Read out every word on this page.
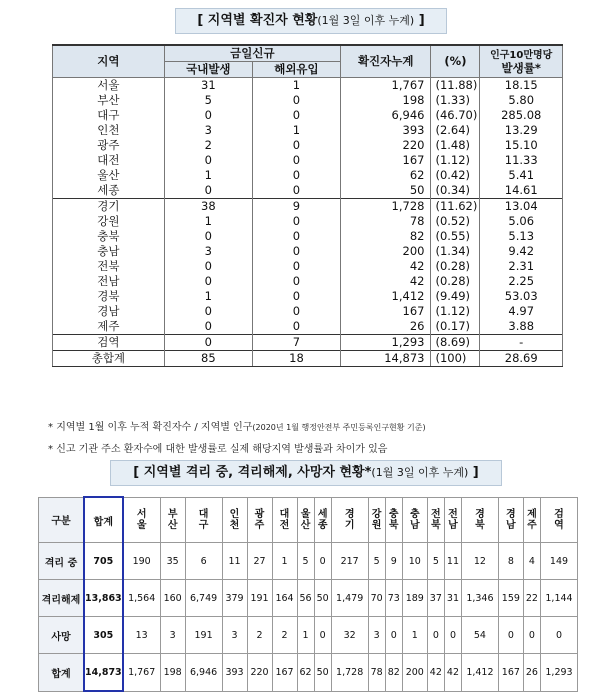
[ 지역별 확진자 현황(1월 3일 이후 누계) ]
지역	금일신규		확진자누계	(%)	인구10만명당
발생률*

	국내발생	해외유입			
서울	31	1	1,767	(11.88)	18.15
부산	5	0	198	(1.33)	5.80
대구	0	0	6,946	(46.70)	285.08
인천	3	1	393	(2.64)	13.29
광주	2	0	220	(1.48)	15.10
대전	0	0	167	(1.12)	11.33
울산	1	0	62	(0.42)	5.41
세종	0	0	50	(0.34)	14.61
경기	38	9	1,728	(11.62)	13.04
강원	1	0	78	(0.52)	5.06
충북	0	0	82	(0.55)	5.13
충남	3	0	200	(1.34)	9.42
전북	0	0	42	(0.28)	2.31
전남	0	0	42	(0.28)	2.25
경북	1	0	1,412	(9.49)	53.03
경남	0	0	167	(1.12)	4.97
제주	0	0	26	(0.17)	3.88
검역	0	7	1,293	(8.69)	-
총합계	85	18	14,873	(100)	28.69
* 지역별 1월 이후 누적 확진자수 / 지역별 인구(2020년 1월 행정안전부 주민등록인구현황 기준)
* 신고 기관 주소 환자수에 대한 발생률로 실제 해당지역 발생률과 차이가 있음
[ 지역별 격리 중, 격리해제, 사망자 현황*(1월 3일 이후 누계) ]
구분	합계	서울	부산	대구	인천	광주	대전	울산	세종	경기	강원	충북	충남	전북	전남	경북	경남	제주	검역
격리 중	705	190	35	6	11	27	1	5	0	217	5	9	10	5	11	12	8	4	149
격리해제	13,863	1,564	160	6,749	379	191	164	56	50	1,479	70	73	189	37	31	1,346	159	22	1,144
사망	305	13	3	191	3	2	2	1	0	32	3	0	1	0	0	54	0	0	0
합계	14,873	1,767	198	6,946	393	220	167	62	50	1,728	78	82	200	42	42	1,412	167	26	1,293
